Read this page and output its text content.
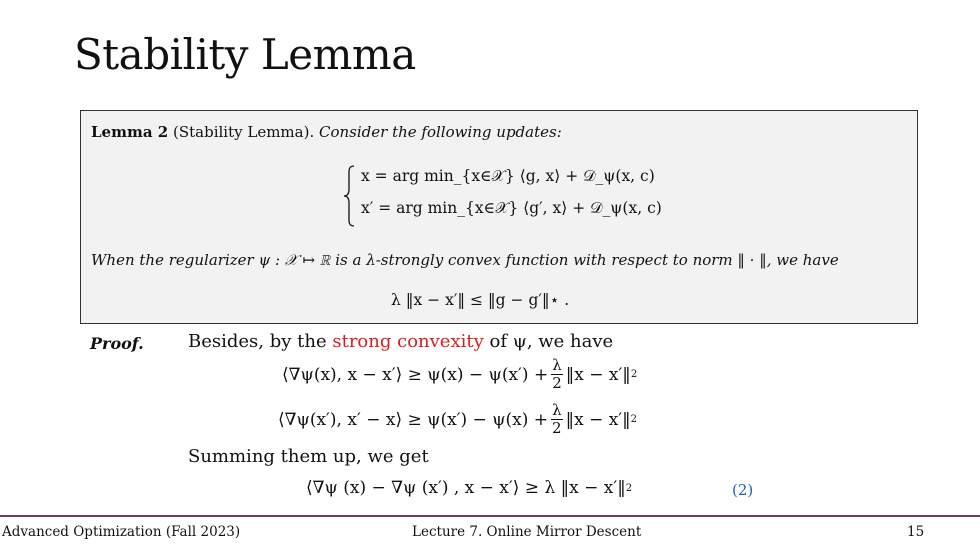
Stability Lemma
Lemma 2 (Stability Lemma). Consider the following updates:
x = arg min_{x∈𝒳} ⟨g, x⟩ + 𝒟_ψ(x, c)
x′ = arg min_{x∈𝒳} ⟨g′, x⟩ + 𝒟_ψ(x, c)
When the regularizer ψ : 𝒳 ↦ ℝ is a λ-strongly convex function with respect to norm ‖ · ‖, we have
λ ‖x − x′‖ ≤ ‖g − g′‖⋆ .
Proof. Besides, by the strong convexity of ψ, we have
⟨∇ψ(x), x − x′⟩ ≥ $\psi(x) - \psi(x') + \frac{\lambda}{2}$ ‖x − x′‖ 2
⟨∇ψ(x′), x′ − x⟩ ≥ $\psi(x') - \psi(x) + \frac{\lambda}{2}$ ‖x − x′‖ 2
Summing them up, we get
⟨∇ψ (x) − ∇ψ (x′) , x − x′⟩ ≥ λ ‖x − x′‖ 2	(2)
Advanced Optimization (Fall 2023)	Lecture 7. Online Mirror Descent	15
